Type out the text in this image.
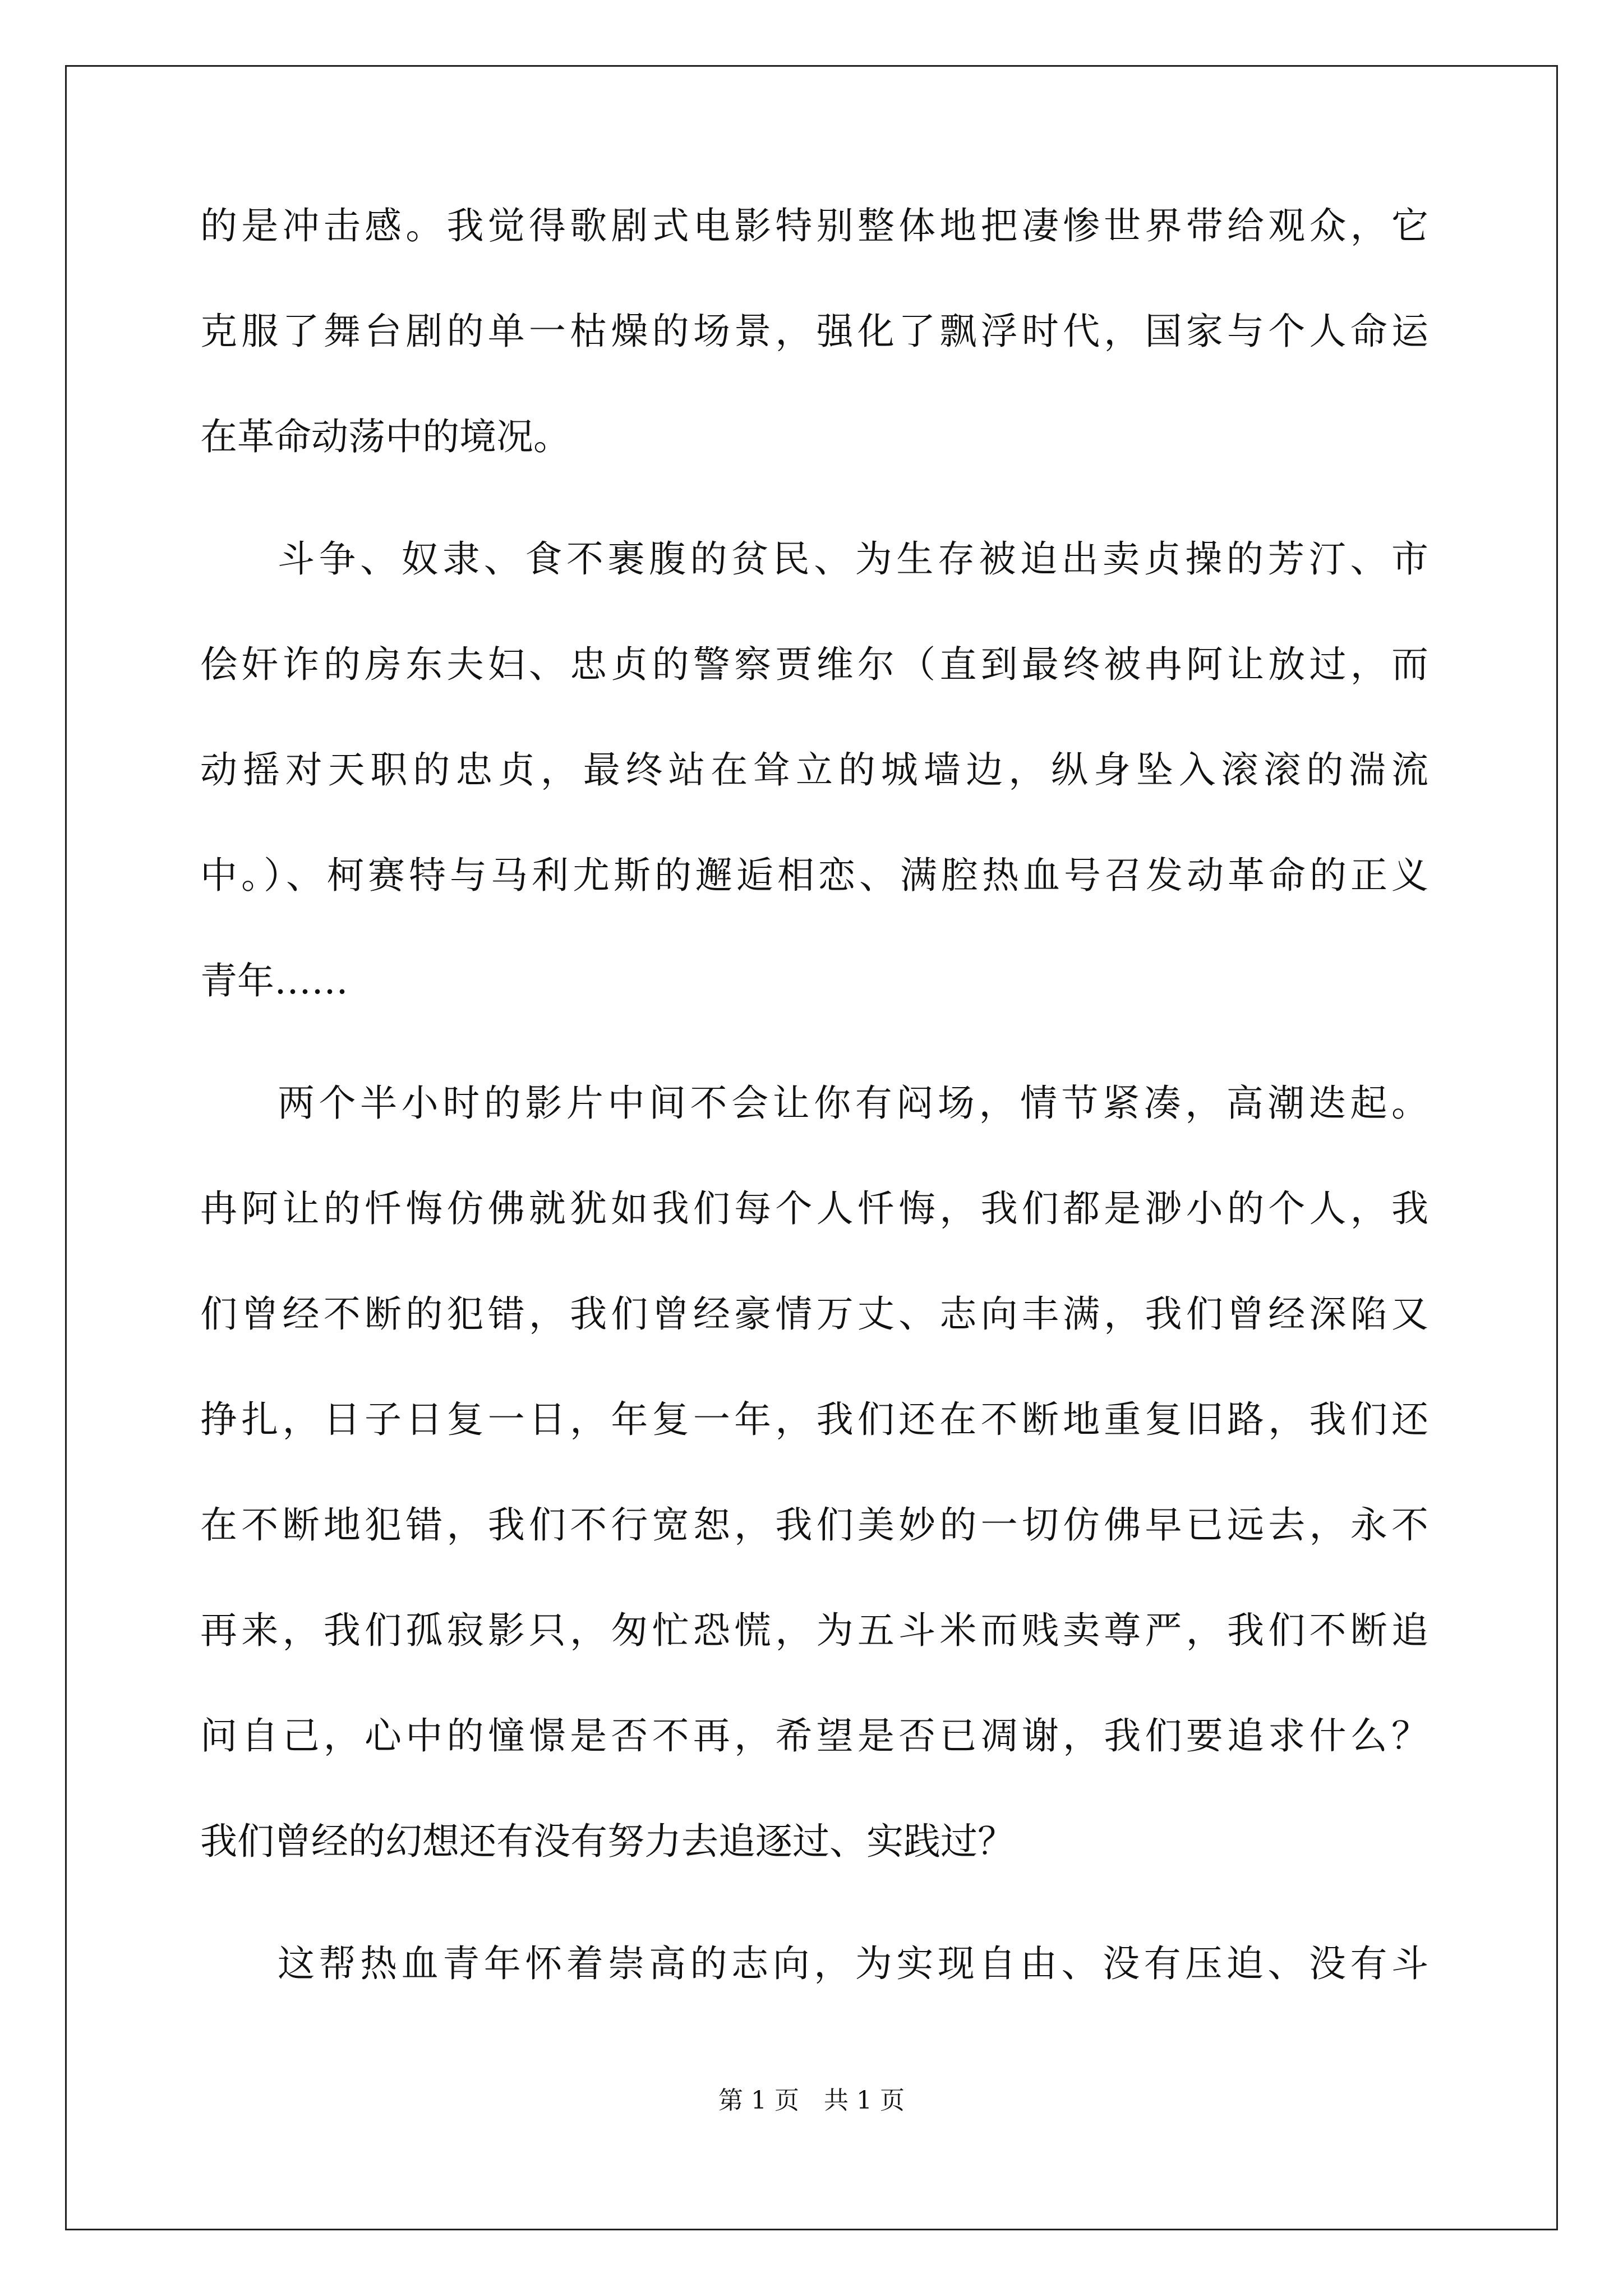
的是冲击感。我觉得歌剧式电影特别整体地把凄惨世界带给观众，它

克服了舞台剧的单一枯燥的场景，强化了飘浮时代，国家与个人命运

在革命动荡中的境况。

斗争、奴隶、食不裹腹的贫民、为生存被迫出卖贞操的芳汀、市

侩奸诈的房东夫妇、忠贞的警察贾维尔（直到最终被冉阿让放过，而

动摇对天职的忠贞，最终站在耸立的城墙边，纵身坠入滚滚的湍流

中。）、柯赛特与马利尤斯的邂逅相恋、满腔热血号召发动革命的正义

青年……

两个半小时的影片中间不会让你有闷场，情节紧凑，高潮迭起。

冉阿让的忏悔仿佛就犹如我们每个人忏悔，我们都是渺小的个人，我

们曾经不断的犯错，我们曾经豪情万丈、志向丰满，我们曾经深陷又

挣扎，日子日复一日，年复一年，我们还在不断地重复旧路，我们还

在不断地犯错，我们不行宽恕，我们美妙的一切仿佛早已远去，永不

再来，我们孤寂影只，匆忙恐慌，为五斗米而贱卖尊严，我们不断追

问自己，心中的憧憬是否不再，希望是否已凋谢，我们要追求什么？

我们曾经的幻想还有没有努力去追逐过、实践过？

这帮热血青年怀着崇高的志向，为实现自由、没有压迫、没有斗

第 1 页　共 1 页
